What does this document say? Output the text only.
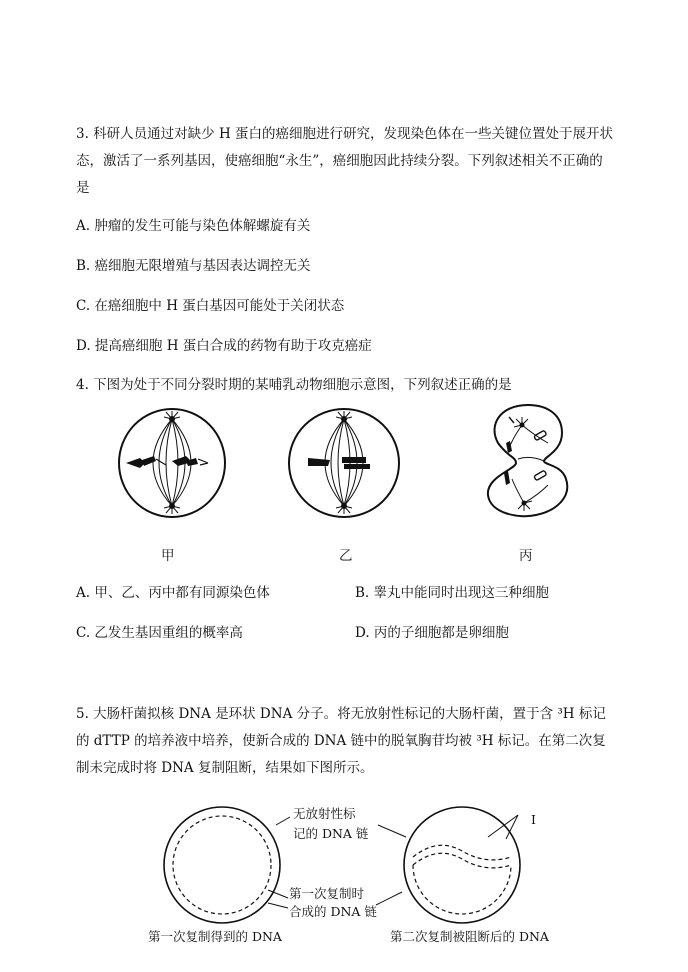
3. 科研人员通过对缺少 H 蛋白的癌细胞进行研究，发现染色体在一些关键位置处于展开状态，激活了一系列基因，使癌细胞“永生”，癌细胞因此持续分裂。下列叙述相关不正确的是
A. 肿瘤的发生可能与染色体解螺旋有关
B. 癌细胞无限增殖与基因表达调控无关
C. 在癌细胞中 H 蛋白基因可能处于关闭状态
D. 提高癌细胞 H 蛋白合成的药物有助于攻克癌症
4. 下图为处于不同分裂时期的某哺乳动物细胞示意图，下列叙述正确的是
甲	乙	丙
A. 甲、乙、丙中都有同源染色体	B. 睾丸中能同时出现这三种细胞
C. 乙发生基因重组的概率高	D. 丙的子细胞都是卵细胞
5. 大肠杆菌拟核 DNA 是环状 DNA 分子。将无放射性标记的大肠杆菌，置于含 ³H 标记
的 dTTP 的培养液中培养，使新合成的 DNA 链中的脱氧胸苷均被 ³H 标记。在第二次复
制未完成时将 DNA 复制阻断，结果如下图所示。
无放射性标
记的 DNA 链
第一次复制时
合成的 DNA 链
I
第一次复制得到的 DNA	第二次复制被阻断后的 DNA
